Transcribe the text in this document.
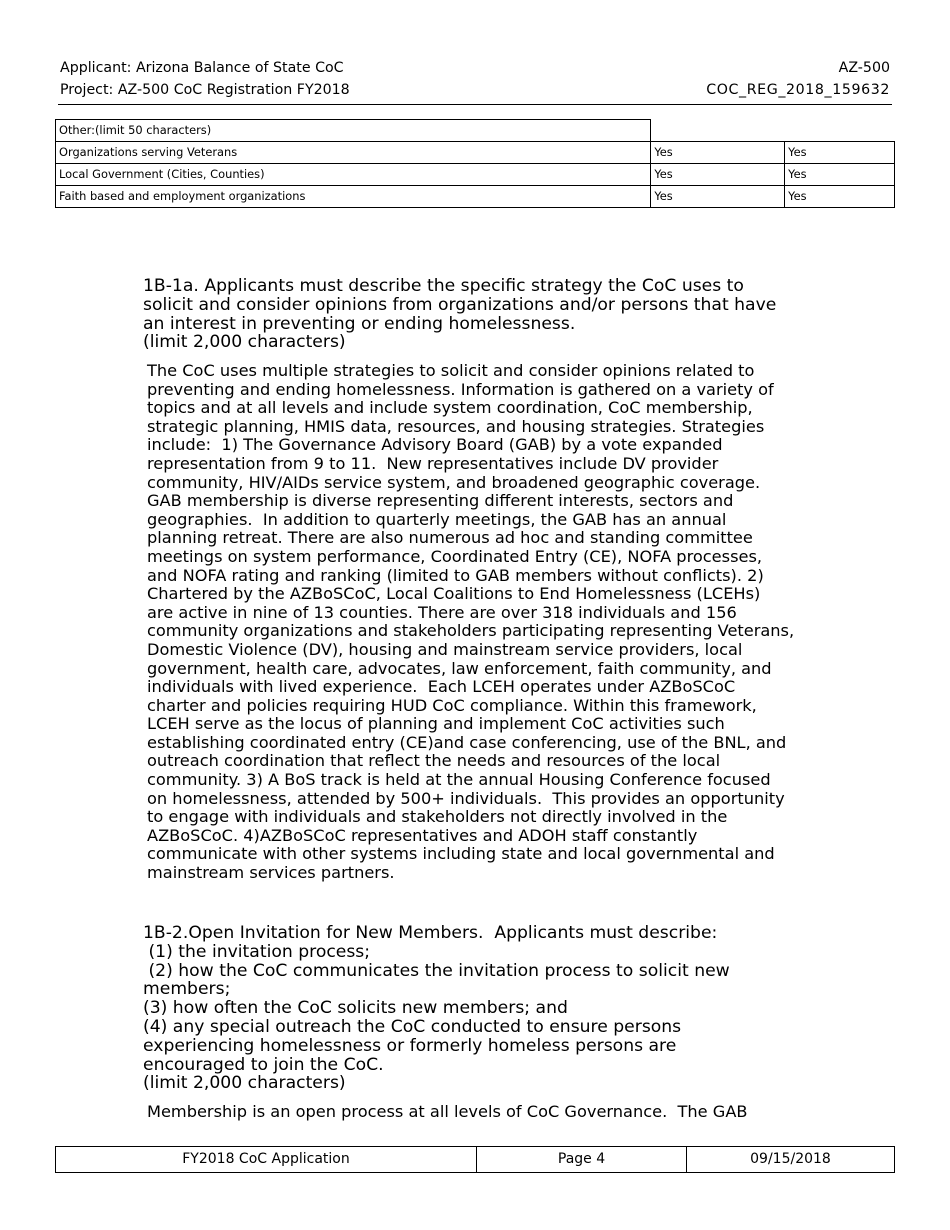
Applicant: Arizona Balance of State CoC
Project: AZ-500 CoC Registration FY2018
AZ-500
COC_REG_2018_159632
Other:(limit 50 characters)		
Organizations serving Veterans	Yes	Yes
Local Government (Cities, Counties)	Yes	Yes
Faith based and employment organizations	Yes	Yes
1B-1a. Applicants must describe the specific strategy the CoC uses to
solicit and consider opinions from organizations and/or persons that have
an interest in preventing or ending homelessness.
(limit 2,000 characters)
The CoC uses multiple strategies to solicit and consider opinions related to
preventing and ending homelessness. Information is gathered on a variety of
topics and at all levels and include system coordination, CoC membership,
strategic planning, HMIS data, resources, and housing strategies. Strategies
include:  1) The Governance Advisory Board (GAB) by a vote expanded
representation from 9 to 11.  New representatives include DV provider
community, HIV/AIDs service system, and broadened geographic coverage.
GAB membership is diverse representing different interests, sectors and
geographies.  In addition to quarterly meetings, the GAB has an annual
planning retreat. There are also numerous ad hoc and standing committee
meetings on system performance, Coordinated Entry (CE), NOFA processes,
and NOFA rating and ranking (limited to GAB members without conflicts). 2)
Chartered by the AZBoSCoC, Local Coalitions to End Homelessness (LCEHs)
are active in nine of 13 counties. There are over 318 individuals and 156
community organizations and stakeholders participating representing Veterans,
Domestic Violence (DV), housing and mainstream service providers, local
government, health care, advocates, law enforcement, faith community, and
individuals with lived experience.  Each LCEH operates under AZBoSCoC
charter and policies requiring HUD CoC compliance. Within this framework,
LCEH serve as the locus of planning and implement CoC activities such
establishing coordinated entry (CE)and case conferencing, use of the BNL, and
outreach coordination that reflect the needs and resources of the local
community. 3) A BoS track is held at the annual Housing Conference focused
on homelessness, attended by 500+ individuals.  This provides an opportunity
to engage with individuals and stakeholders not directly involved in the
AZBoSCoC. 4)AZBoSCoC representatives and ADOH staff constantly
communicate with other systems including state and local governmental and
mainstream services partners.
1B-2.Open Invitation for New Members.  Applicants must describe:
(1) the invitation process;
(2) how the CoC communicates the invitation process to solicit new
members;
(3) how often the CoC solicits new members; and
(4) any special outreach the CoC conducted to ensure persons
experiencing homelessness or formerly homeless persons are
encouraged to join the CoC.
(limit 2,000 characters)
Membership is an open process at all levels of CoC Governance.  The GAB
FY2018 CoC Application	Page 4	09/15/2018
